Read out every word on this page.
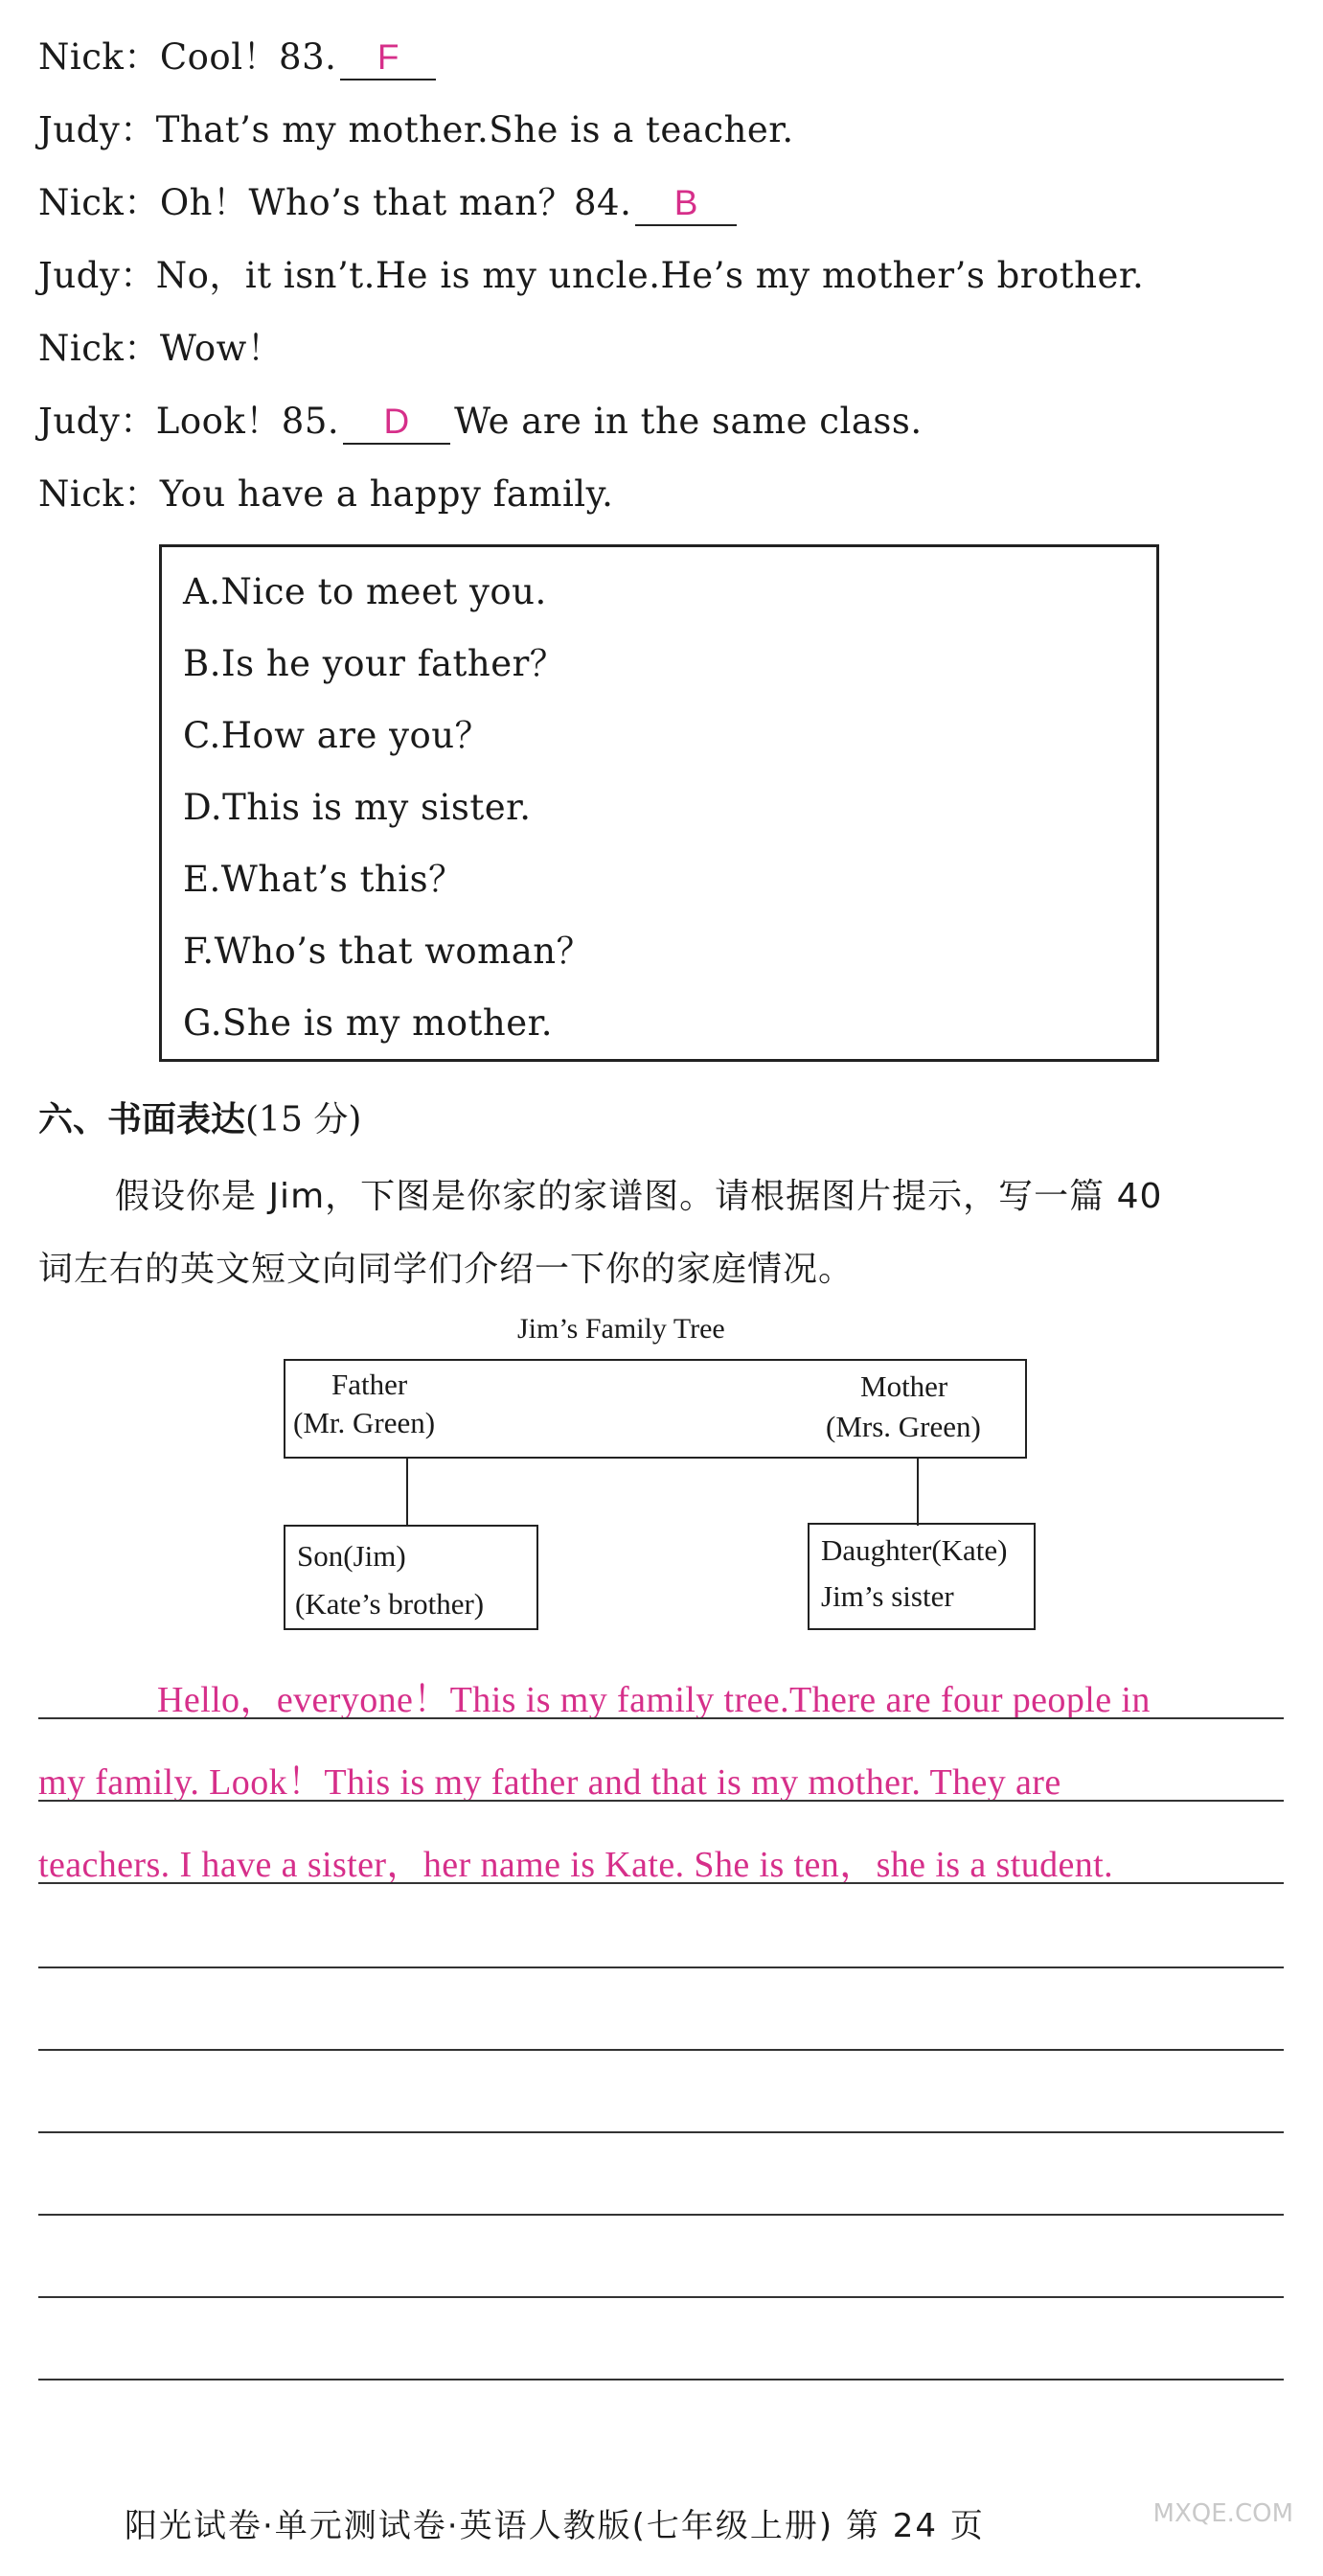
Nick：Cool！83. F
Judy：That’s my mother.She is a teacher.
Nick：Oh！Who’s that man？84. B
Judy：No，it isn’t.He is my uncle.He’s my mother’s brother.
Nick：Wow！
Judy：Look！85. D We are in the same class.
Nick：You have a happy family.
A.Nice to meet you.
B.Is he your father？
C.How are you？
D.This is my sister.
E.What’s this？
F.Who’s that woman？
G.She is my mother.
六、书面表达(15 分)
假设你是 Jim，下图是你家的家谱图。请根据图片提示，写一篇 40
词左右的英文短文向同学们介绍一下你的家庭情况。
Jim’s Family Tree
Father
(Mr. Green)
Mother
(Mrs. Green)
Son(Jim)
(Kate’s brother)
Daughter(Kate)
Jim’s sister
Hello，everyone！This is my family tree.There are four people in
my family. Look！This is my father and that is my mother. They are
teachers. I have a sister，her name is Kate. She is ten，she is a student.
阳光试卷·单元测试卷·英语人教版(七年级上册) 第 24 页	MXQE.COM
